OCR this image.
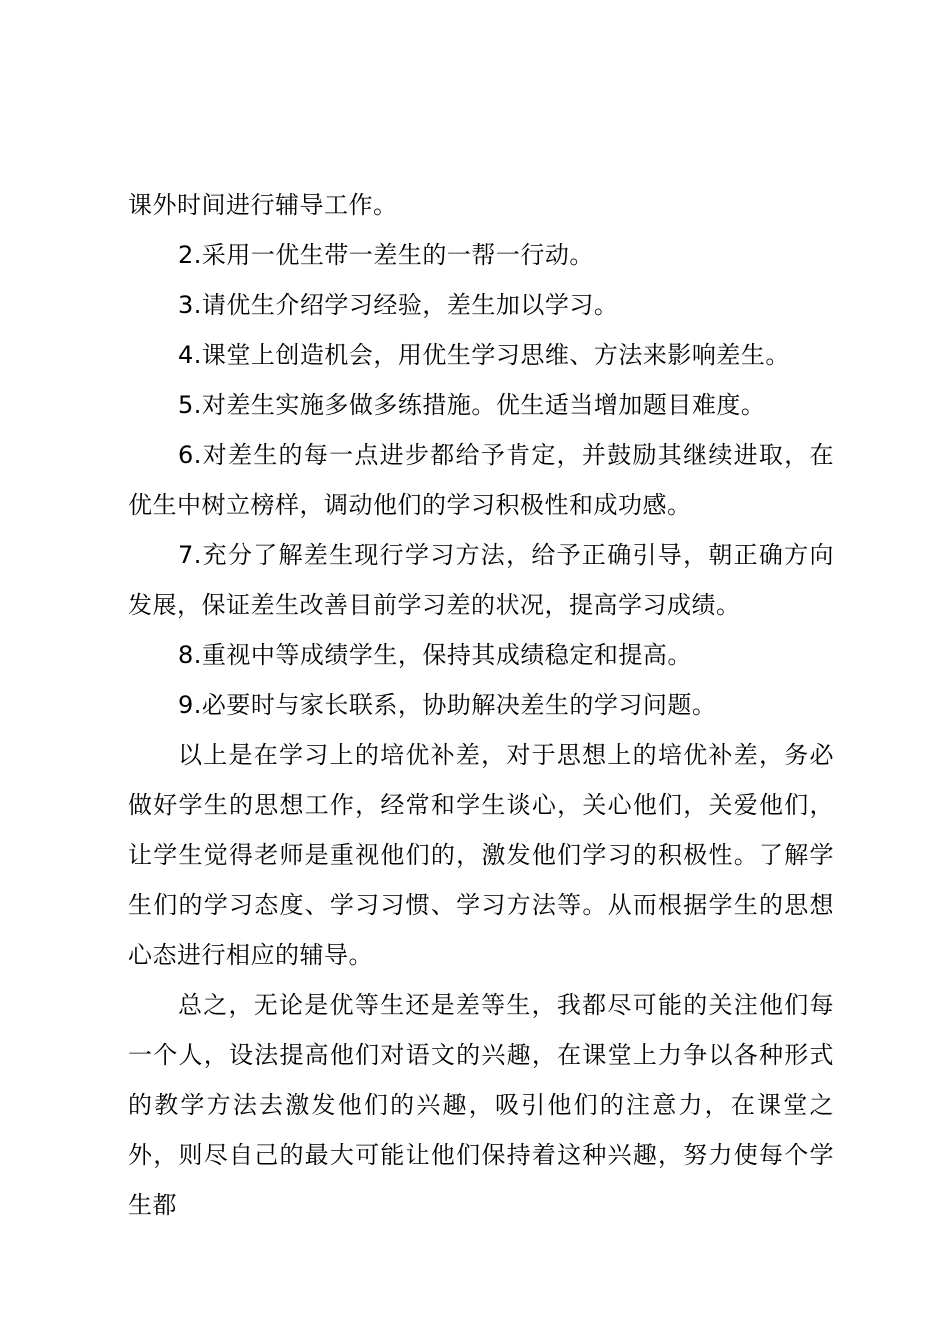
课外时间进行辅导工作。

2.采用一优生带一差生的一帮一行动。

3.请优生介绍学习经验，差生加以学习。

4.课堂上创造机会，用优生学习思维、方法来影响差生。

5.对差生实施多做多练措施。优生适当增加题目难度。

6.对差生的每一点进步都给予肯定，并鼓励其继续进取，在优生中树立榜样，调动他们的学习积极性和成功感。

7.充分了解差生现行学习方法，给予正确引导，朝正确方向发展，保证差生改善目前学习差的状况，提高学习成绩。

8.重视中等成绩学生，保持其成绩稳定和提高。

9.必要时与家长联系，协助解决差生的学习问题。

以上是在学习上的培优补差，对于思想上的培优补差，务必做好学生的思想工作，经常和学生谈心，关心他们，关爱他们，让学生觉得老师是重视他们的，激发他们学习的积极性。了解学生们的学习态度、学习习惯、学习方法等。从而根据学生的思想心态进行相应的辅导。

总之，无论是优等生还是差等生，我都尽可能的关注他们每一个人，设法提高他们对语文的兴趣，在课堂上力争以各种形式的教学方法去激发他们的兴趣，吸引他们的注意力，在课堂之外，则尽自己的最大可能让他们保持着这种兴趣，努力使每个学生都
